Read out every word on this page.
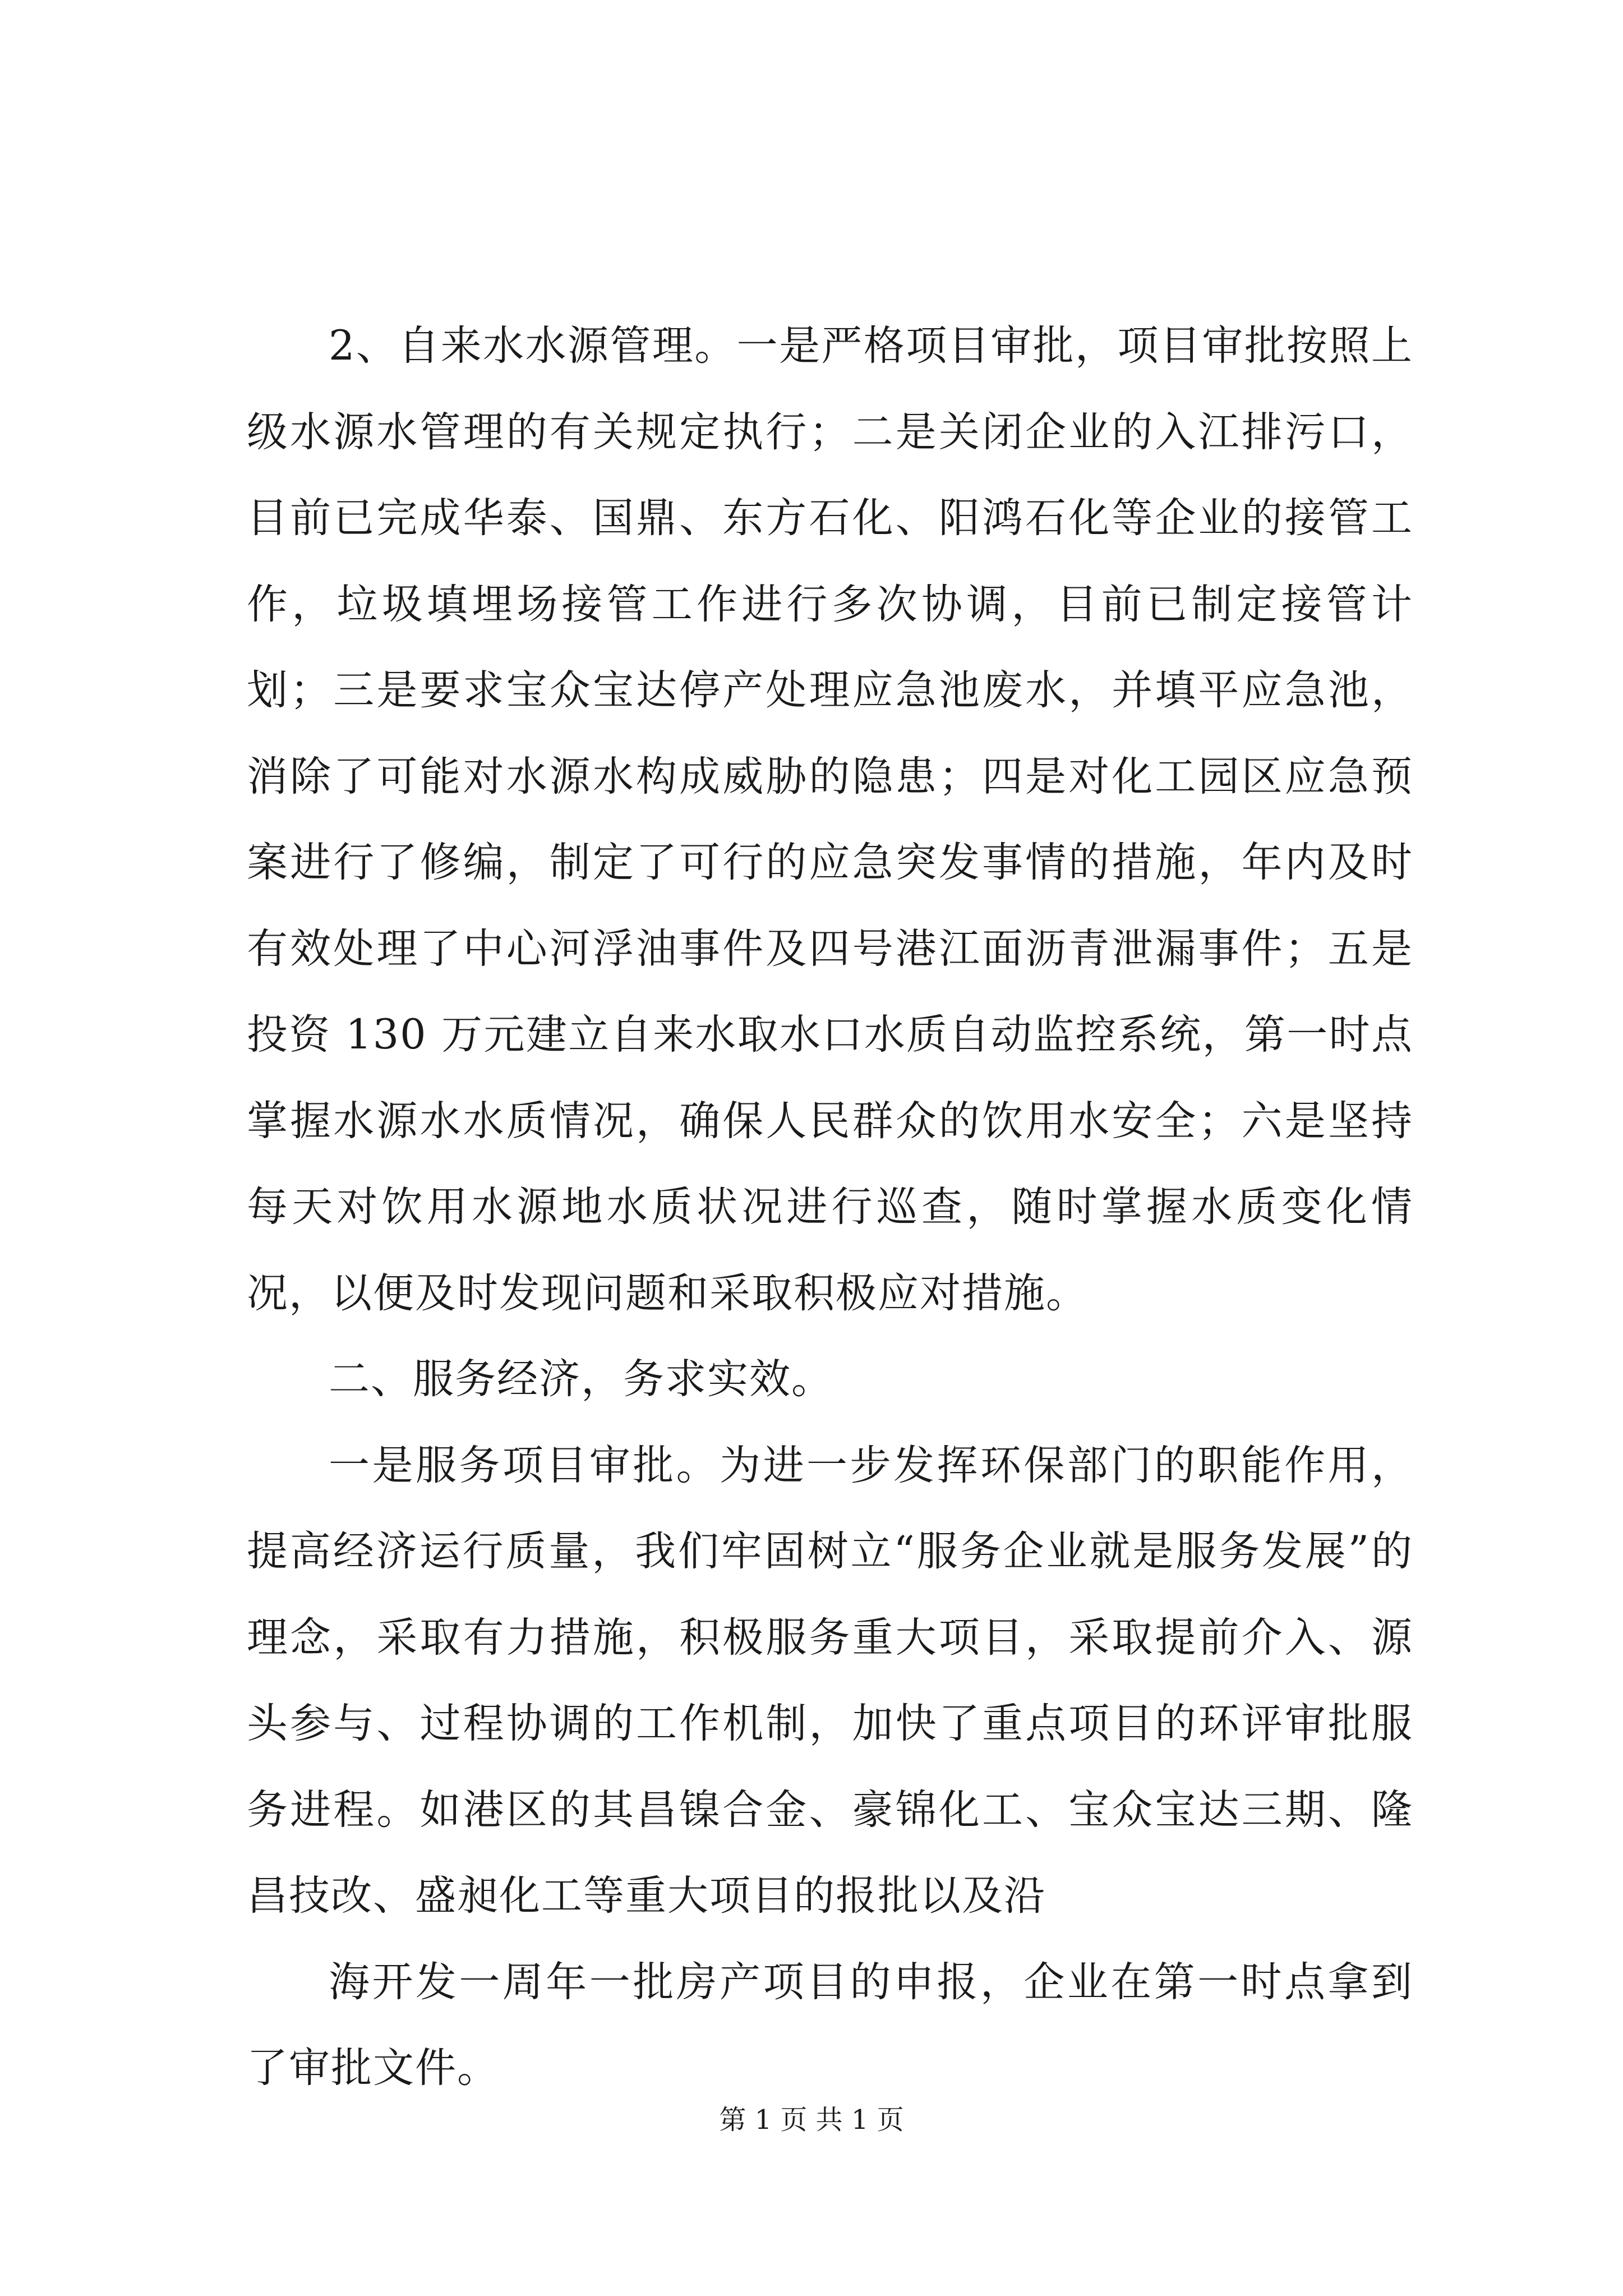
2、自来水水源管理。一是严格项目审批，项目审批按照上级水源水管理的有关规定执行；二是关闭企业的入江排污口，目前已完成华泰、国鼎、东方石化、阳鸿石化等企业的接管工作，垃圾填埋场接管工作进行多次协调，目前已制定接管计划；三是要求宝众宝达停产处理应急池废水，并填平应急池，消除了可能对水源水构成威胁的隐患；四是对化工园区应急预案进行了修编，制定了可行的应急突发事情的措施，年内及时有效处理了中心河浮油事件及四号港江面沥青泄漏事件；五是投资 130 万元建立自来水取水口水质自动监控系统，第一时点掌握水源水水质情况，确保人民群众的饮用水安全；六是坚持每天对饮用水源地水质状况进行巡查，随时掌握水质变化情况，以便及时发现问题和采取积极应对措施。

二、服务经济，务求实效。

一是服务项目审批。为进一步发挥环保部门的职能作用，提高经济运行质量，我们牢固树立“服务企业就是服务发展”的理念，采取有力措施，积极服务重大项目，采取提前介入、源头参与、过程协调的工作机制，加快了重点项目的环评审批服务进程。如港区的其昌镍合金、豪锦化工、宝众宝达三期、隆昌技改、盛昶化工等重大项目的报批以及沿

海开发一周年一批房产项目的申报，企业在第一时点拿到了审批文件。

第 1 页 共 1 页
